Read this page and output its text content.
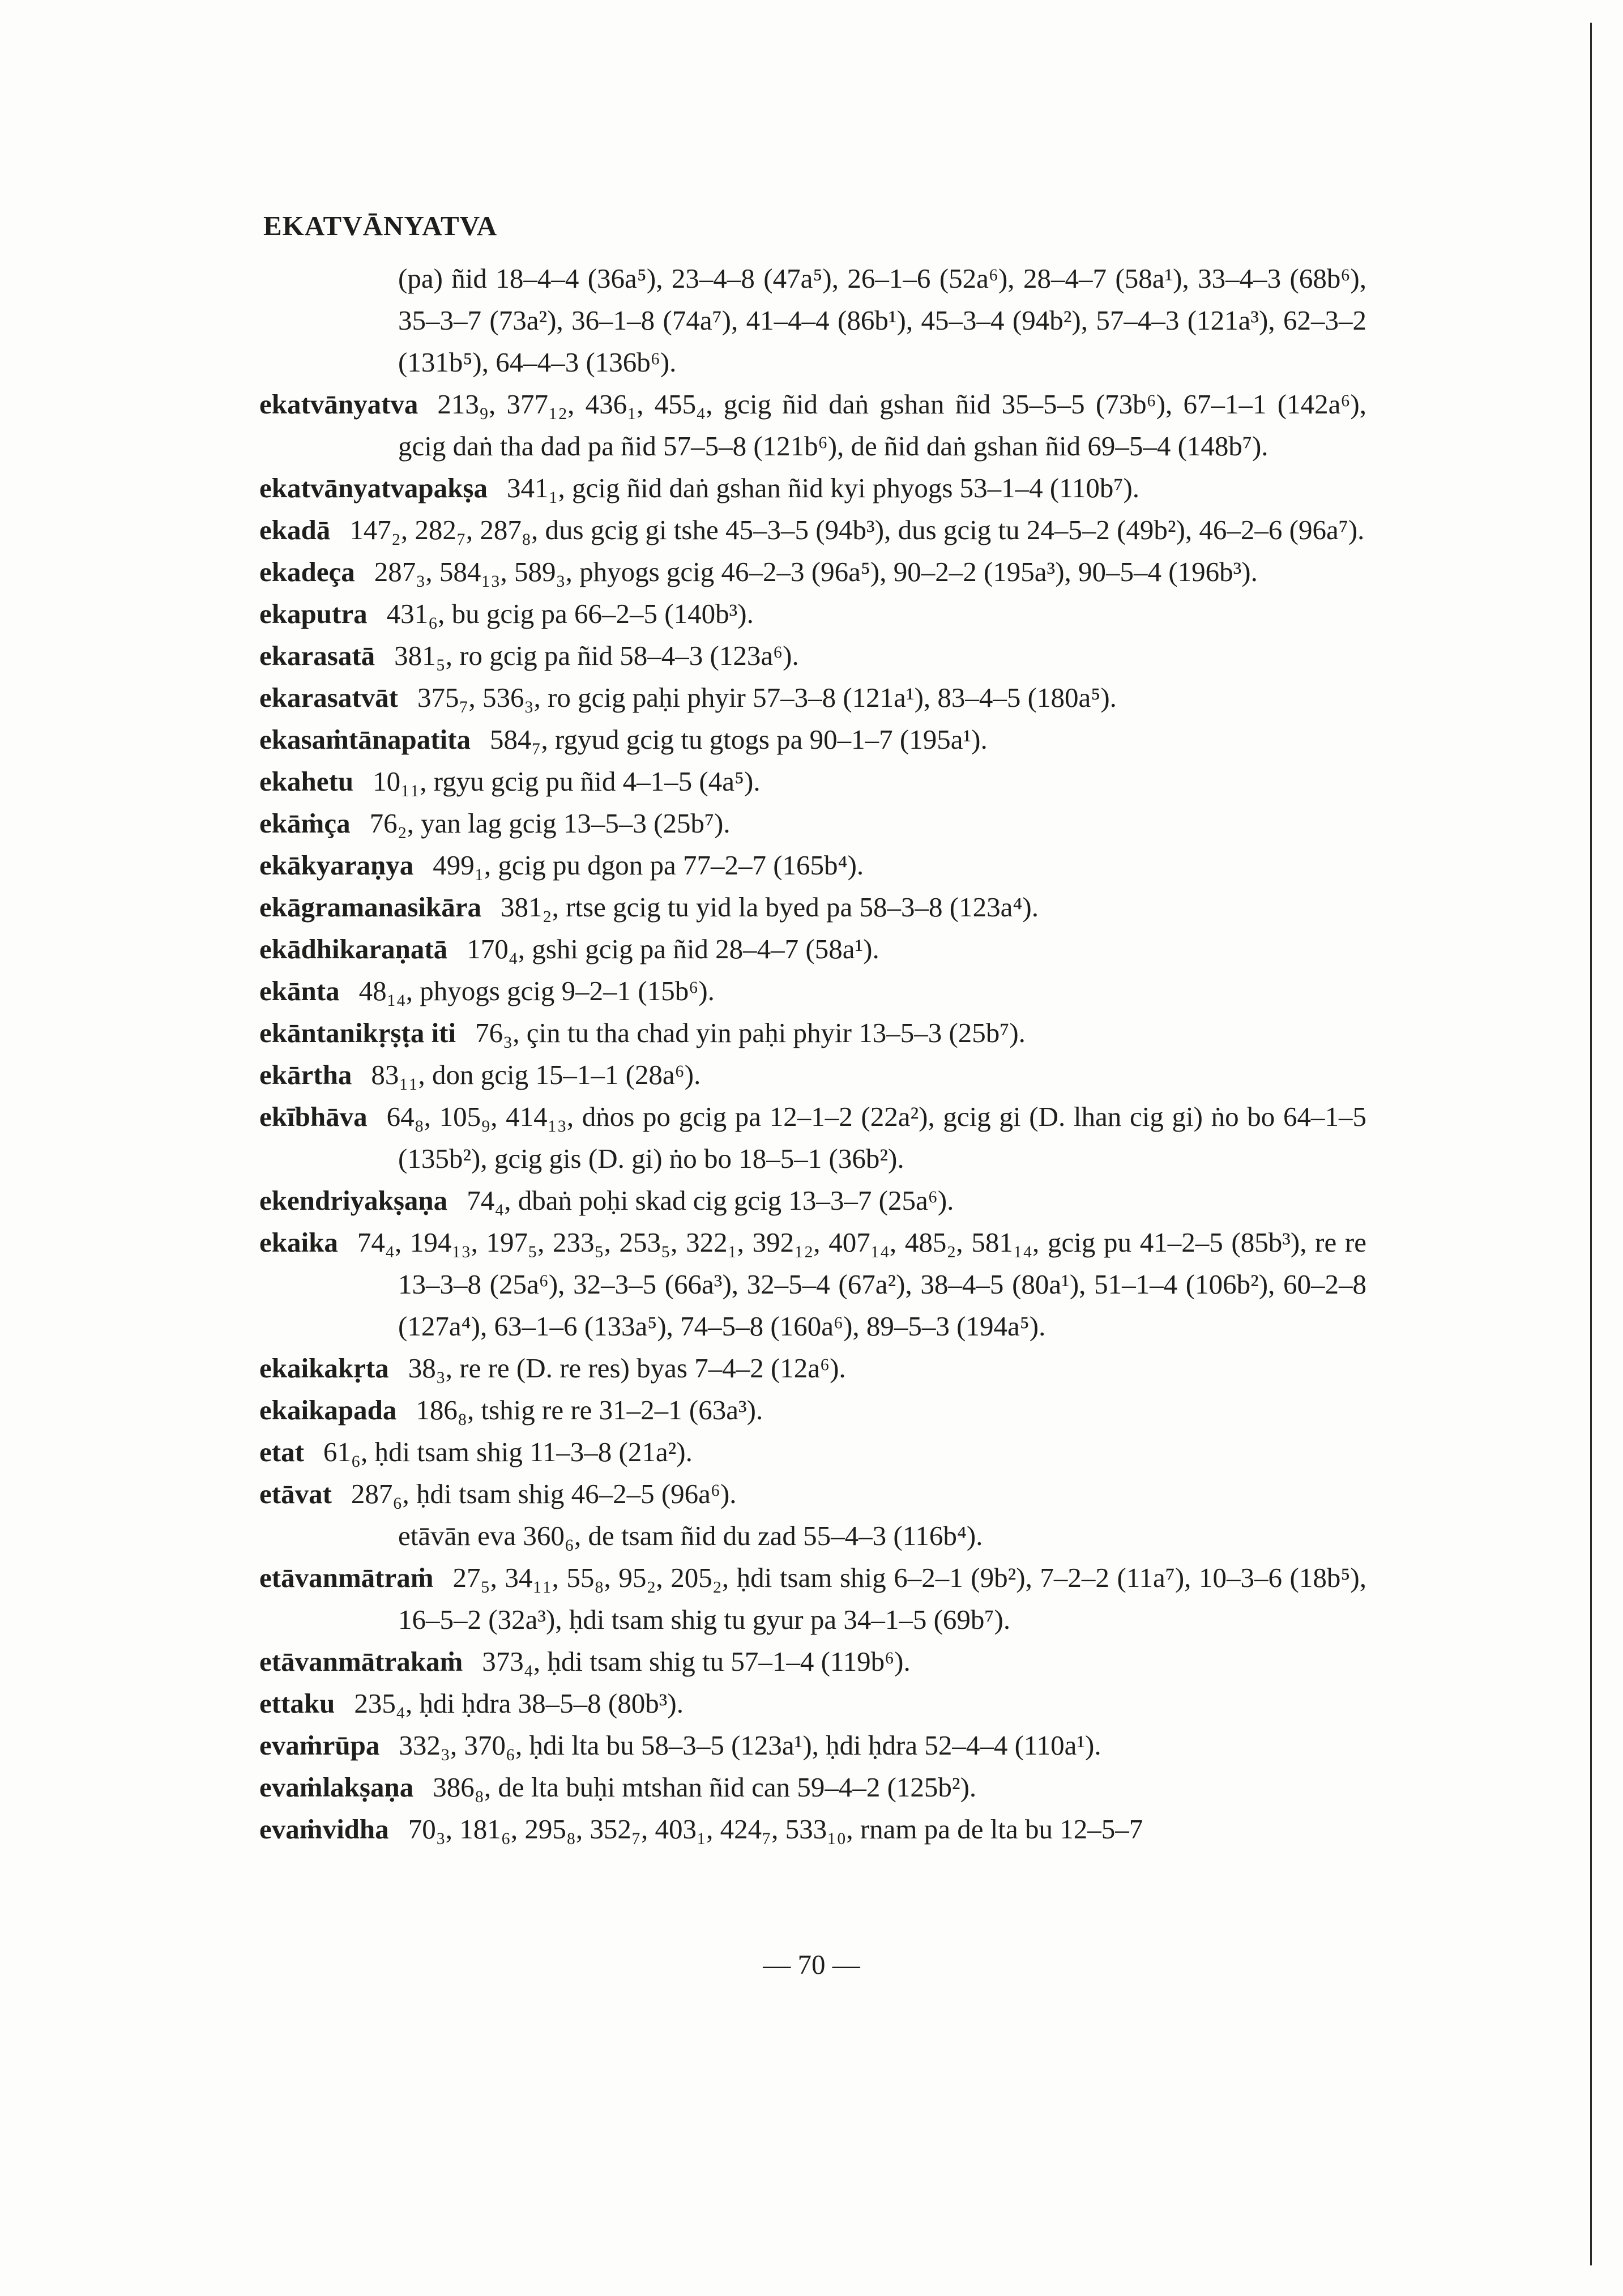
EKATVĀNYATVA

(pa) ñid 18–4–4 (36a⁵), 23–4–8 (47a⁵), 26–1–6 (52a⁶), 28–4–7 (58a¹), 33–4–3 (68b⁶), 35–3–7 (73a²), 36–1–8 (74a⁷), 41–4–4 (86b¹), 45–3–4 (94b²), 57–4–3 (121a³), 62–3–2 (131b⁵), 64–4–3 (136b⁶).

ekatvānyatva 213₉, 377₁₂, 436₁, 455₄, gcig ñid daṅ gshan ñid 35–5–5 (73b⁶), 67–1–1 (142a⁶), gcig daṅ tha dad pa ñid 57–5–8 (121b⁶), de ñid daṅ gshan ñid 69–5–4 (148b⁷).

ekatvānyatvapakṣa 341₁, gcig ñid daṅ gshan ñid kyi phyogs 53–1–4 (110b⁷).

ekadā 147₂, 282₇, 287₈, dus gcig gi tshe 45–3–5 (94b³), dus gcig tu 24–5–2 (49b²), 46–2–6 (96a⁷).

ekadeça 287₃, 584₁₃, 589₃, phyogs gcig 46–2–3 (96a⁵), 90–2–2 (195a³), 90–5–4 (196b³).

ekaputra 431₆, bu gcig pa 66–2–5 (140b³).

ekarasatā 381₅, ro gcig pa ñid 58–4–3 (123a⁶).

ekarasatvāt 375₇, 536₃, ro gcig paḥi phyir 57–3–8 (121a¹), 83–4–5 (180a⁵).

ekasaṁtānapatita 584₇, rgyud gcig tu gtogs pa 90–1–7 (195a¹).

ekahetu 10₁₁, rgyu gcig pu ñid 4–1–5 (4a⁵).

ekāṁça 76₂, yan lag gcig 13–5–3 (25b⁷).

ekākyaraṇya 499₁, gcig pu dgon pa 77–2–7 (165b⁴).

ekāgramanasikāra 381₂, rtse gcig tu yid la byed pa 58–3–8 (123a⁴).

ekādhikaraṇatā 170₄, gshi gcig pa ñid 28–4–7 (58a¹).

ekānta 48₁₄, phyogs gcig 9–2–1 (15b⁶).

ekāntanikṛṣṭa iti 76₃, çin tu tha chad yin paḥi phyir 13–5–3 (25b⁷).

ekārtha 83₁₁, don gcig 15–1–1 (28a⁶).

ekībhāva 64₈, 105₉, 414₁₃, dṅos po gcig pa 12–1–2 (22a²), gcig gi (D. lhan cig gi) ṅo bo 64–1–5 (135b²), gcig gis (D. gi) ṅo bo 18–5–1 (36b²).

ekendriyakṣaṇa 74₄, dbaṅ poḥi skad cig gcig 13–3–7 (25a⁶).

ekaika 74₄, 194₁₃, 197₅, 233₅, 253₅, 322₁, 392₁₂, 407₁₄, 485₂, 581₁₄, gcig pu 41–2–5 (85b³), re re 13–3–8 (25a⁶), 32–3–5 (66a³), 32–5–4 (67a²), 38–4–5 (80a¹), 51–1–4 (106b²), 60–2–8 (127a⁴), 63–1–6 (133a⁵), 74–5–8 (160a⁶), 89–5–3 (194a⁵).

ekaikakṛta 38₃, re re (D. re res) byas 7–4–2 (12a⁶).

ekaikapada 186₈, tshig re re 31–2–1 (63a³).

etat 61₆, ḥdi tsam shig 11–3–8 (21a²).

etāvat 287₆, ḥdi tsam shig 46–2–5 (96a⁶).

etāvān eva 360₆, de tsam ñid du zad 55–4–3 (116b⁴).

etāvanmātraṁ 27₅, 34₁₁, 55₈, 95₂, 205₂, ḥdi tsam shig 6–2–1 (9b²), 7–2–2 (11a⁷), 10–3–6 (18b⁵), 16–5–2 (32a³), ḥdi tsam shig tu gyur pa 34–1–5 (69b⁷).

etāvanmātrakaṁ 373₄, ḥdi tsam shig tu 57–1–4 (119b⁶).

ettaku 235₄, ḥdi ḥdra 38–5–8 (80b³).

evaṁrūpa 332₃, 370₆, ḥdi lta bu 58–3–5 (123a¹), ḥdi ḥdra 52–4–4 (110a¹).

evaṁlakṣaṇa 386₈, de lta buḥi mtshan ñid can 59–4–2 (125b²).

evaṁvidha 70₃, 181₆, 295₈, 352₇, 403₁, 424₇, 533₁₀, rnam pa de lta bu 12–5–7

— 70 —
